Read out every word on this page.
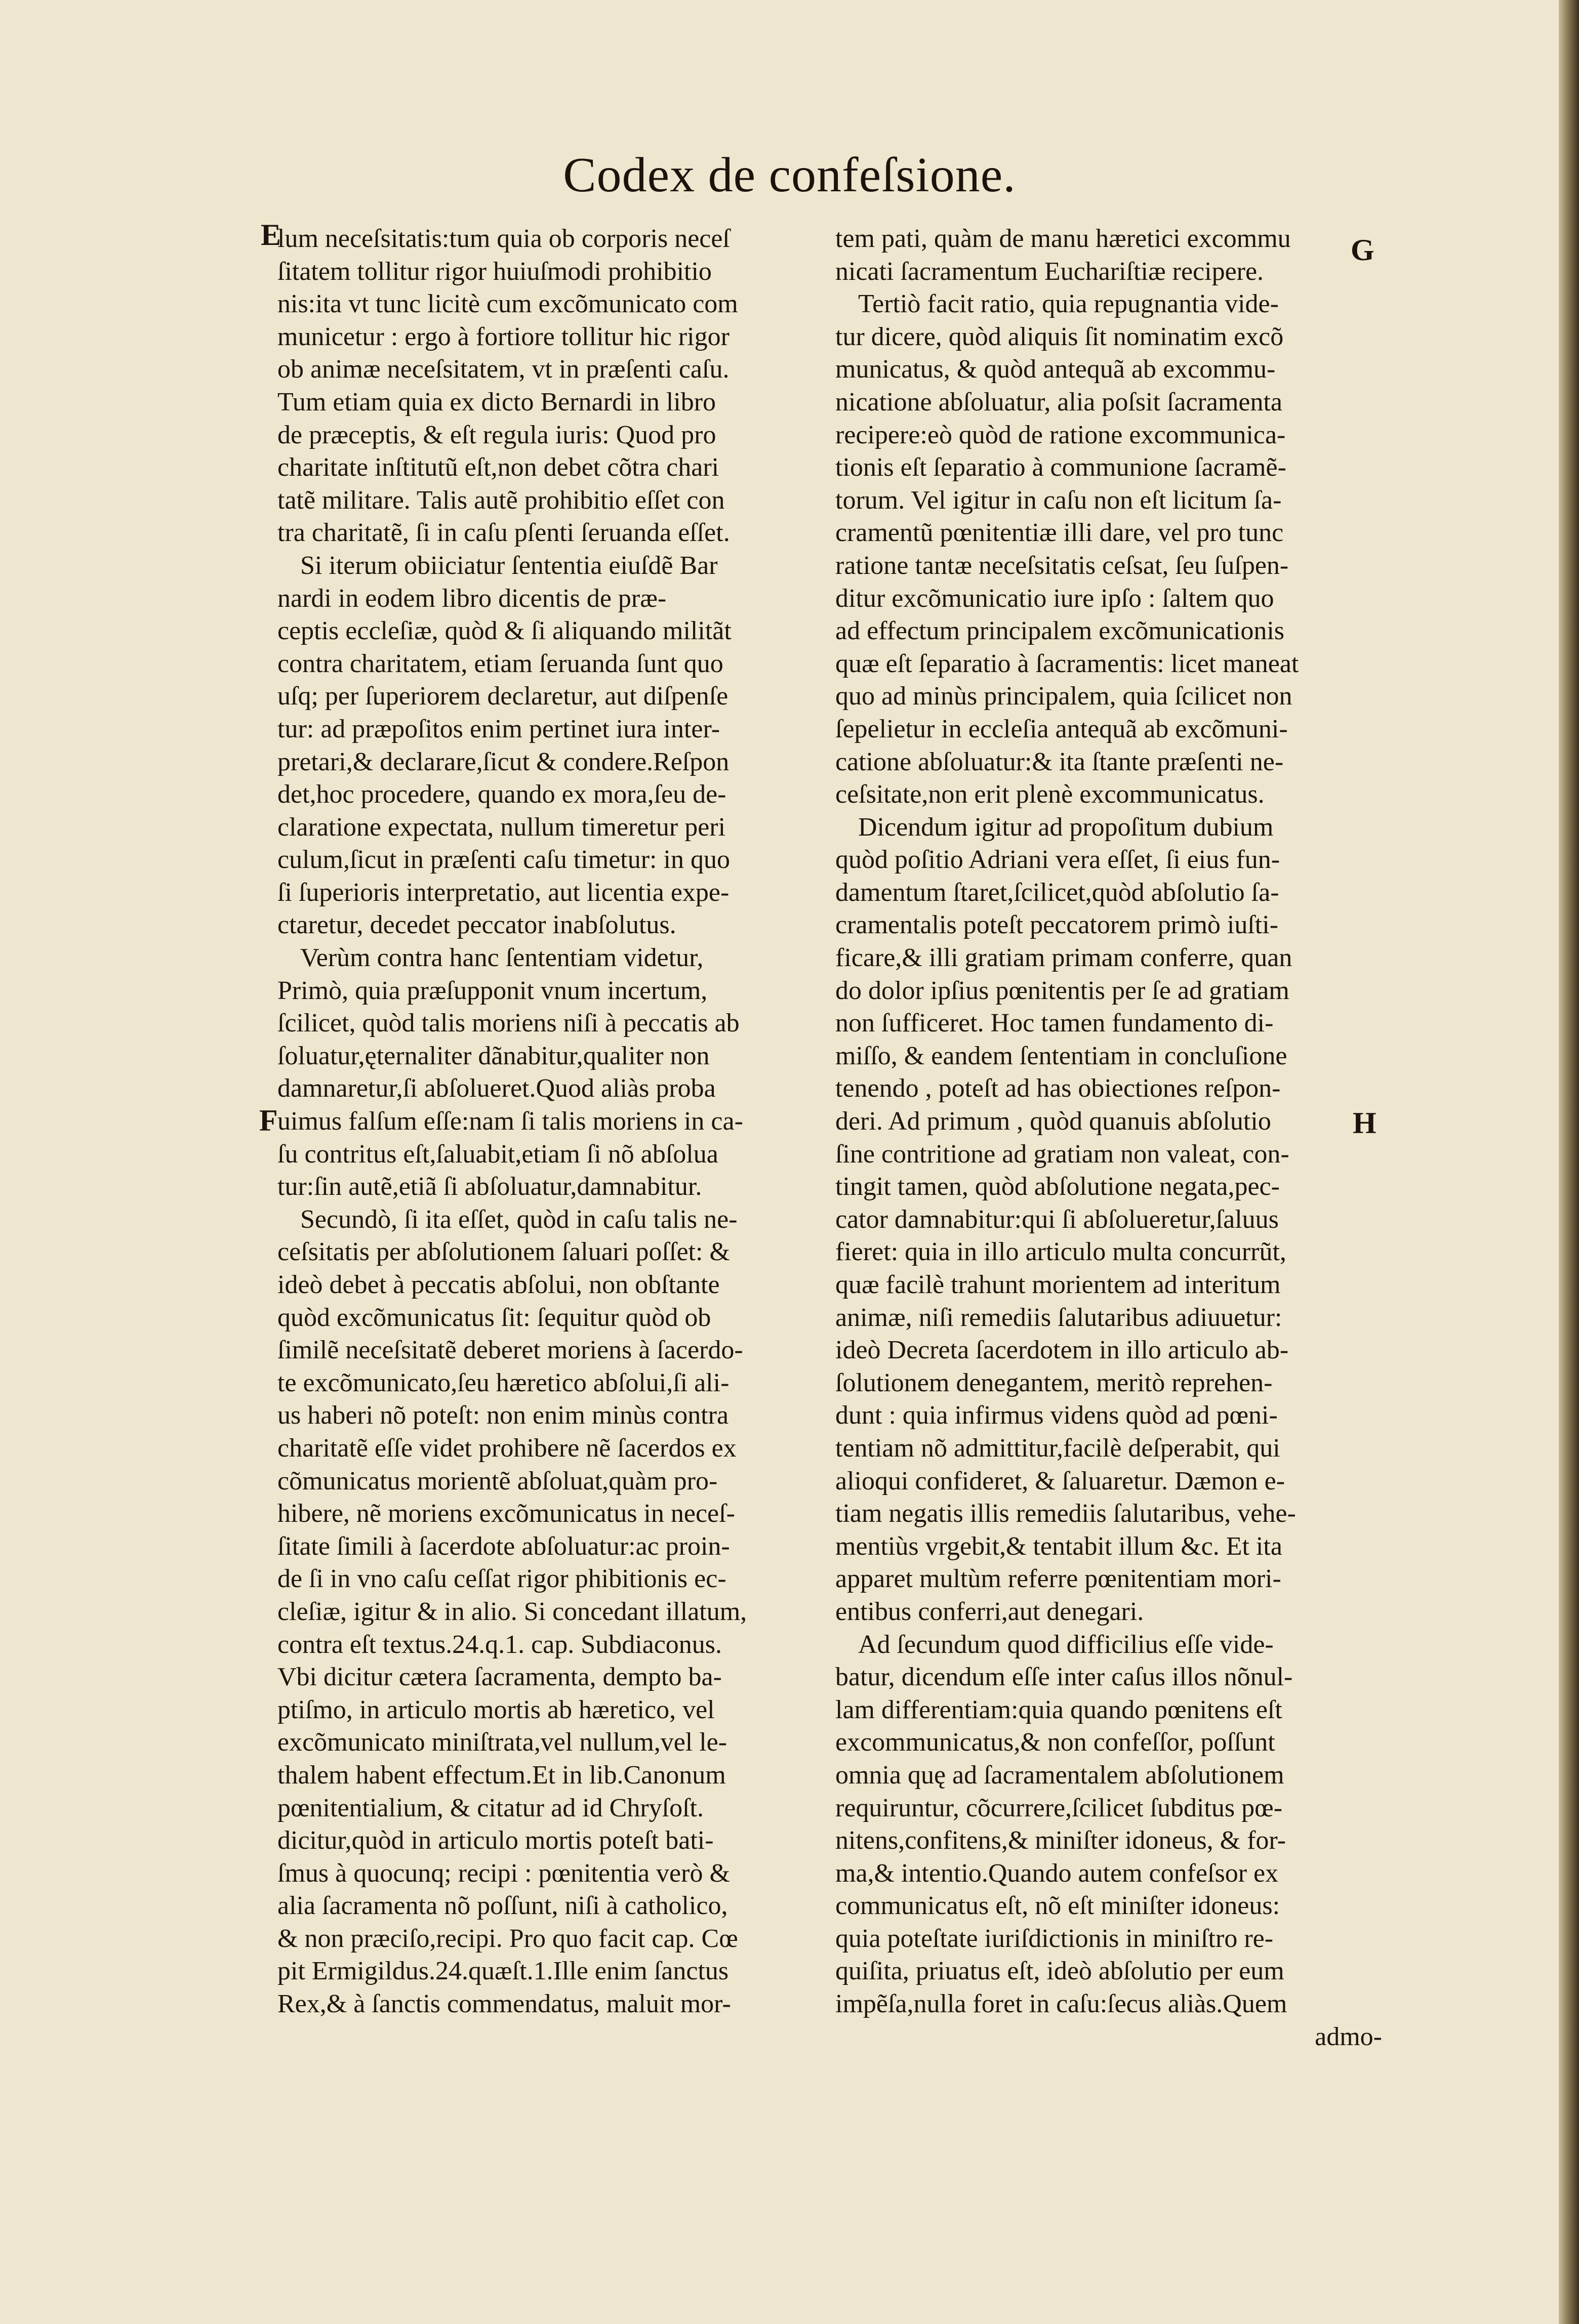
Codex de confeſsione.
E
F
G
H
lum neceſsitatis:tum quia ob corporis neceſ
ſitatem tollitur rigor huiuſmodi prohibitio
nis:ita vt tunc licitè cum excõmunicato com
municetur : ergo à fortiore tollitur hic rigor
ob animæ neceſsitatem, vt in præſenti caſu.
Tum etiam quia ex dicto Bernardi in libro
de præceptis, & eſt regula iuris: Quod pro
charitate inſtitutũ eſt,non debet cõtra chari
tatẽ militare. Talis autẽ prohibitio eſſet con
tra charitatẽ, ſi in caſu pſenti ſeruanda eſſet.
Si iterum obiiciatur ſententia eiuſdẽ Bar
nardi in eodem libro dicentis de præ-
ceptis eccleſiæ, quòd & ſi aliquando militãt
contra charitatem, etiam ſeruanda ſunt quo
uſq; per ſuperiorem declaretur, aut diſpenſe
tur: ad præpoſitos enim pertinet iura inter-
pretari,& declarare,ſicut & condere.Reſpon
det,hoc procedere, quando ex mora,ſeu de-
claratione expectata, nullum timeretur peri
culum,ſicut in præſenti caſu timetur: in quo
ſi ſuperioris interpretatio, aut licentia expe-
ctaretur, decedet peccator inabſolutus.
Verùm contra hanc ſententiam videtur,
Primò, quia præſupponit vnum incertum,
ſcilicet, quòd talis moriens niſi à peccatis ab
ſoluatur,ęternaliter dãnabitur,qualiter non
damnaretur,ſi abſolueret.Quod aliàs proba
uimus falſum eſſe:nam ſi talis moriens in ca-
ſu contritus eſt,ſaluabit,etiam ſi nõ abſolua
tur:ſin autẽ,etiã ſi abſoluatur,damnabitur.
Secundò, ſi ita eſſet, quòd in caſu talis ne-
ceſsitatis per abſolutionem ſaluari poſſet: &
ideò debet à peccatis abſolui, non obſtante
quòd excõmunicatus ſit: ſequitur quòd ob
ſimilẽ neceſsitatẽ deberet moriens à ſacerdo-
te excõmunicato,ſeu hæretico abſolui,ſi ali-
us haberi nõ poteſt: non enim minùs contra
charitatẽ eſſe videt prohibere nẽ ſacerdos ex
cõmunicatus morientẽ abſoluat,quàm pro-
hibere, nẽ moriens excõmunicatus in neceſ-
ſitate ſimili à ſacerdote abſoluatur:ac proin-
de ſi in vno caſu ceſſat rigor phibitionis ec-
cleſiæ, igitur & in alio. Si concedant illatum,
contra eſt textus.24.q.1. cap. Subdiaconus.
Vbi dicitur cætera ſacramenta, dempto ba-
ptiſmo, in articulo mortis ab hæretico, vel
excõmunicato miniſtrata,vel nullum,vel le-
thalem habent effectum.Et in lib.Canonum
pœnitentialium, & citatur ad id Chryſoſt.
dicitur,quòd in articulo mortis poteſt bati-
ſmus à quocunq; recipi : pœnitentia verò &
alia ſacramenta nõ poſſunt, niſi à catholico,
& non præciſo,recipi. Pro quo facit cap. Cœ
pit Ermigildus.24.quæſt.1.Ille enim ſanctus
Rex,& à ſanctis commendatus, maluit mor-
tem pati, quàm de manu hæretici excommu
nicati ſacramentum Euchariſtiæ recipere.
Tertiò facit ratio, quia repugnantia vide-
tur dicere, quòd aliquis ſit nominatim excõ
municatus, & quòd antequã ab excommu-
nicatione abſoluatur, alia poſsit ſacramenta
recipere:eò quòd de ratione excommunica-
tionis eſt ſeparatio à communione ſacramẽ-
torum. Vel igitur in caſu non eſt licitum ſa-
cramentũ pœnitentiæ illi dare, vel pro tunc
ratione tantæ neceſsitatis ceſsat, ſeu ſuſpen-
ditur excõmunicatio iure ipſo : ſaltem quo
ad effectum principalem excõmunicationis
quæ eſt ſeparatio à ſacramentis: licet maneat
quo ad minùs principalem, quia ſcilicet non
ſepelietur in eccleſia antequã ab excõmuni-
catione abſoluatur:& ita ſtante præſenti ne-
ceſsitate,non erit plenè excommunicatus.
Dicendum igitur ad propoſitum dubium
quòd poſitio Adriani vera eſſet, ſi eius fun-
damentum ſtaret,ſcilicet,quòd abſolutio ſa-
cramentalis poteſt peccatorem primò iuſti-
ficare,& illi gratiam primam conferre, quan
do dolor ipſius pœnitentis per ſe ad gratiam
non ſufficeret. Hoc tamen fundamento di-
miſſo, & eandem ſententiam in concluſione
tenendo , poteſt ad has obiectiones reſpon-
deri. Ad primum , quòd quanuis abſolutio
ſine contritione ad gratiam non valeat, con-
tingit tamen, quòd abſolutione negata,pec-
cator damnabitur:qui ſi abſolueretur,ſaluus
fieret: quia in illo articulo multa concurrũt,
quæ facilè trahunt morientem ad interitum
animæ, niſi remediis ſalutaribus adiuuetur:
ideò Decreta ſacerdotem in illo articulo ab-
ſolutionem denegantem, meritò reprehen-
dunt : quia infirmus videns quòd ad pœni-
tentiam nõ admittitur,facilè deſperabit, qui
alioqui confideret, & ſaluaretur. Dæmon e-
tiam negatis illis remediis ſalutaribus, vehe-
mentiùs vrgebit,& tentabit illum &c. Et ita
apparet multùm referre pœnitentiam mori-
entibus conferri,aut denegari.
Ad ſecundum quod difficilius eſſe vide-
batur, dicendum eſſe inter caſus illos nõnul-
lam differentiam:quia quando pœnitens eſt
excommunicatus,& non confeſſor, poſſunt
omnia quę ad ſacramentalem abſolutionem
requiruntur, cõcurrere,ſcilicet ſubditus pœ-
nitens,confitens,& miniſter idoneus, & for-
ma,& intentio.Quando autem confeſsor ex
communicatus eſt, nõ eſt miniſter idoneus:
quia poteſtate iuriſdictionis in miniſtro re-
quiſita, priuatus eſt, ideò abſolutio per eum
impẽſa,nulla foret in caſu:ſecus aliàs.Quem
admo-
